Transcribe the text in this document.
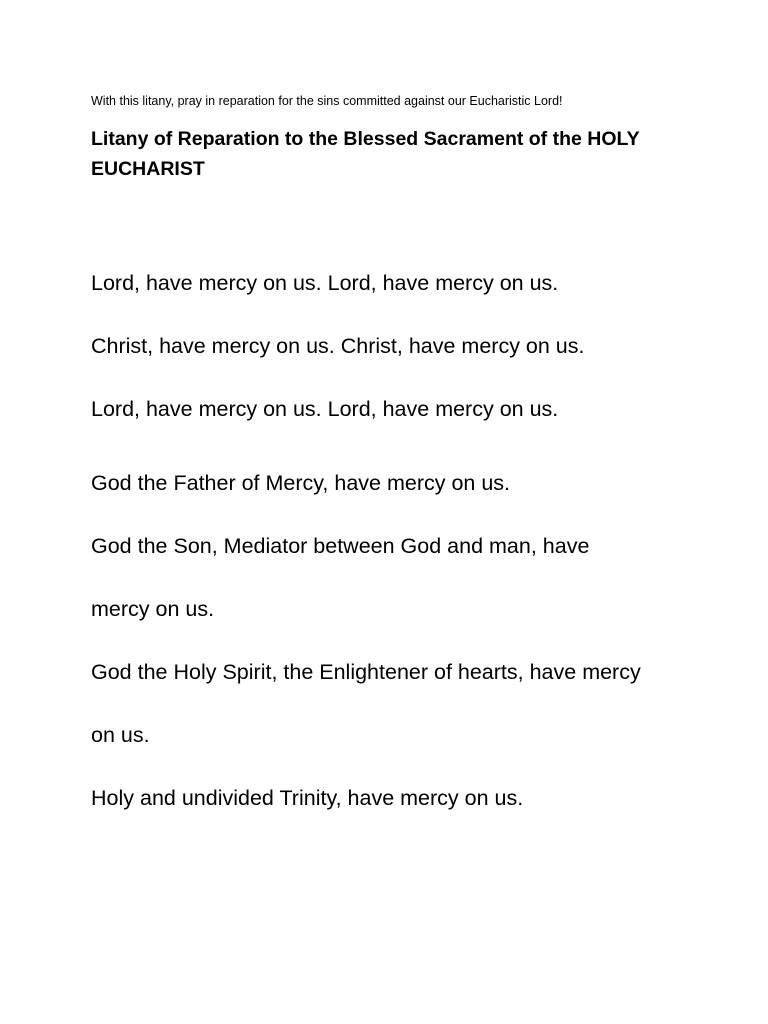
With this litany, pray in reparation for the sins committed against our Eucharistic Lord!
Litany of Reparation to the Blessed Sacrament of the HOLY EUCHARIST
Lord, have mercy on us. Lord, have mercy on us.
Christ, have mercy on us. Christ, have mercy on us.
Lord, have mercy on us. Lord, have mercy on us.
God the Father of Mercy, have mercy on us.
God the Son, Mediator between God and man, have
mercy on us.
God the Holy Spirit, the Enlightener of hearts, have mercy
on us.
Holy and undivided Trinity, have mercy on us.
